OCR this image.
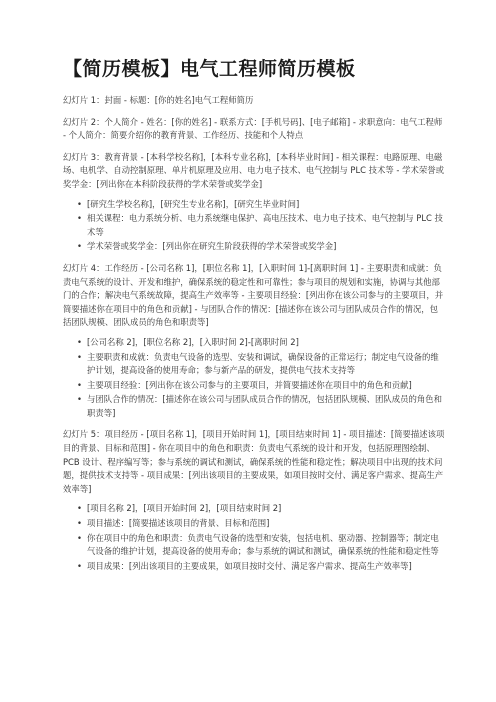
【简历模板】电气工程师简历模板

幻灯片 1：封面 - 标题：[你的姓名]电气工程师简历

幻灯片 2：个人简介 - 姓名：[你的姓名] - 联系方式：[手机号码]、[电子邮箱] - 求职意向：电气工程师 - 个人简介：简要介绍你的教育背景、工作经历、技能和个人特点

幻灯片 3：教育背景 - [本科学校名称]，[本科专业名称]，[本科毕业时间] - 相关课程：电路原理、电磁场、电机学、自动控制原理、单片机原理及应用、电力电子技术、电气控制与 PLC 技术等 - 学术荣誉或奖学金：[列出你在本科阶段获得的学术荣誉或奖学金]

• [研究生学校名称]，[研究生专业名称]，[研究生毕业时间]
• 相关课程：电力系统分析、电力系统继电保护、高电压技术、电力电子技术、电气控制与 PLC 技术等
• 学术荣誉或奖学金：[列出你在研究生阶段获得的学术荣誉或奖学金]

幻灯片 4：工作经历 - [公司名称 1]，[职位名称 1]，[入职时间 1]-[离职时间 1] - 主要职责和成就：负责电气系统的设计、开发和维护，确保系统的稳定性和可靠性；参与项目的规划和实施，协调与其他部门的合作；解决电气系统故障，提高生产效率等 - 主要项目经验：[列出你在该公司参与的主要项目，并简要描述你在项目中的角色和贡献] - 与团队合作的情况：[描述你在该公司与团队成员合作的情况，包括团队规模、团队成员的角色和职责等]

• [公司名称 2]，[职位名称 2]，[入职时间 2]-[离职时间 2]
• 主要职责和成就：负责电气设备的选型、安装和调试，确保设备的正常运行；制定电气设备的维护计划，提高设备的使用寿命；参与新产品的研发，提供电气技术支持等
• 主要项目经验：[列出你在该公司参与的主要项目，并简要描述你在项目中的角色和贡献]
• 与团队合作的情况：[描述你在该公司与团队成员合作的情况，包括团队规模、团队成员的角色和职责等]

幻灯片 5：项目经历 - [项目名称 1]，[项目开始时间 1]，[项目结束时间 1] - 项目描述：[简要描述该项目的背景、目标和范围] - 你在项目中的角色和职责：负责电气系统的设计和开发，包括原理图绘制、PCB 设计、程序编写等；参与系统的调试和测试，确保系统的性能和稳定性；解决项目中出现的技术问题，提供技术支持等 - 项目成果：[列出该项目的主要成果，如项目按时交付、满足客户需求、提高生产效率等]

• [项目名称 2]，[项目开始时间 2]，[项目结束时间 2]
• 项目描述：[简要描述该项目的背景、目标和范围]
• 你在项目中的角色和职责：负责电气设备的选型和安装，包括电机、驱动器、控制器等；制定电气设备的维护计划，提高设备的使用寿命；参与系统的调试和测试，确保系统的性能和稳定性等
• 项目成果：[列出该项目的主要成果，如项目按时交付、满足客户需求、提高生产效率等]
